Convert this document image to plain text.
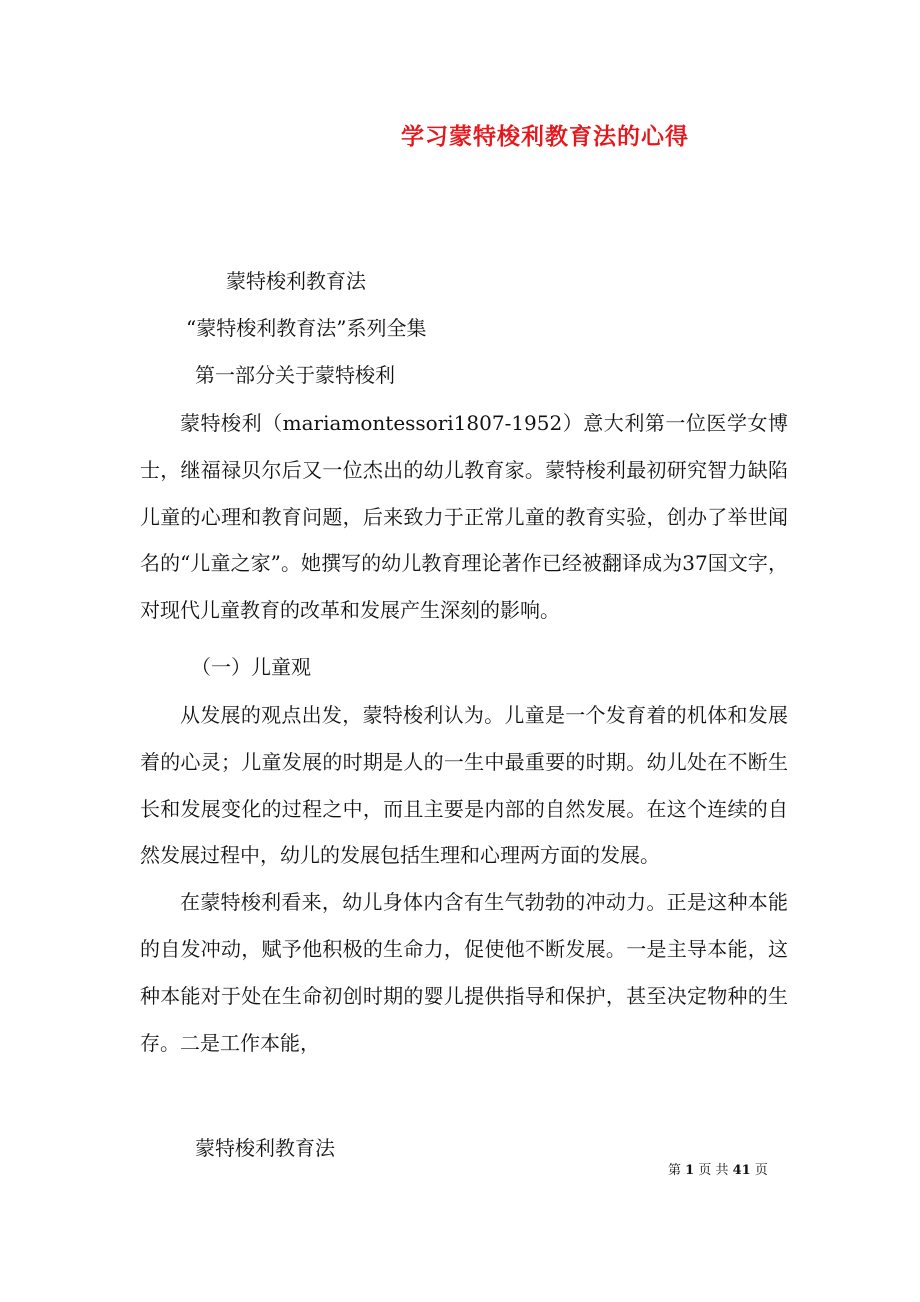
学习蒙特梭利教育法的心得
蒙特梭利教育法
“蒙特梭利教育法”系列全集
第一部分关于蒙特梭利

蒙特梭利（mariamontessori1807-1952）意大利第一位医学女博士，继福禄贝尔后又一位杰出的幼儿教育家。蒙特梭利最初研究智力缺陷儿童的心理和教育问题，后来致力于正常儿童的教育实验，创办了举世闻名的“儿童之家”。她撰写的幼儿教育理论著作已经被翻译成为37国文字，对现代儿童教育的改革和发展产生深刻的影响。

（一）儿童观

从发展的观点出发，蒙特梭利认为。儿童是一个发育着的机体和发展着的心灵；儿童发展的时期是人的一生中最重要的时期。幼儿处在不断生长和发展变化的过程之中，而且主要是内部的自然发展。在这个连续的自然发展过程中，幼儿的发展包括生理和心理两方面的发展。

在蒙特梭利看来，幼儿身体内含有生气勃勃的冲动力。正是这种本能的自发冲动，赋予他积极的生命力，促使他不断发展。一是主导本能，这种本能对于处在生命初创时期的婴儿提供指导和保护，甚至决定物种的生存。二是工作本能，

蒙特梭利教育法
第 1 页 共 41 页
